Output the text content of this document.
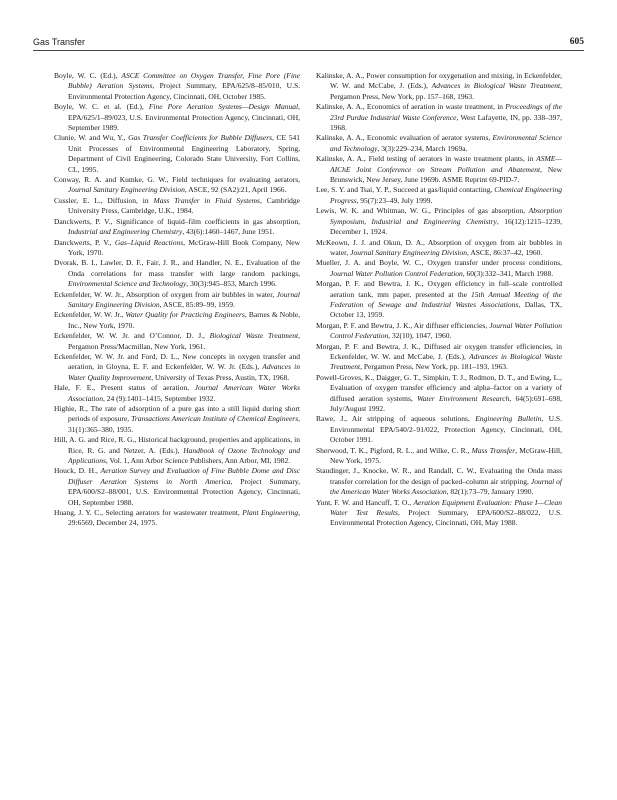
Gas Transfer	605

Boyle, W. C. (Ed.), ASCE Committee on Oxygen Transfer, Fine Pore (Fine Bubble) Aeration Systems, Project Summary, EPA/625/8–85/010, U.S. Environmental Protection Agency, Cincinnati, OH, October 1985.

Boyle, W. C. et al. (Ed.), Fine Pore Aeration Systems—Design Manual, EPA/625/1–89/023, U.S. Environmental Protection Agency, Cincinnati, OH, September 1989.

Clunie, W. and Wu, Y., Gas Transfer Coefficients for Bubble Diffusers, CE 541 Unit Processes of Environmental Engineering Laboratory, Spring, Department of Civil Engineering, Colorado State University, Fort Collins, CL, 1995.

Conway, R. A. and Kumke, G. W., Field techniques for evaluating aerators, Journal Sanitary Engineering Division, ASCE, 92 (SA2):21, April 1966.

Cussler, E. L., Diffusion, in Mass Transfer in Fluid Systems, Cambridge University Press, Cambridge, U.K., 1984.

Danckwerts, P. V., Significance of liquid–film coefficients in gas absorption, Industrial and Engineering Chemistry, 43(6):1460–1467, June 1951.

Danckwerts, P. V., Gas–Liquid Reactions, McGraw-Hill Book Company, New York, 1970.

Dvorak, B. I., Lawler, D. F., Fair, J. R., and Handler, N. E., Evaluation of the Onda correlations for mass transfer with large random packings, Environmental Science and Technology, 30(3):945–853, March 1996.

Eckenfelder, W. W. Jr., Absorption of oxygen from air bubbles in water, Journal Sanitary Engineering Division, ASCE, 85:89–99, 1959.

Eckenfelder, W. W. Jr., Water Quality for Practicing Engineers, Barnes & Noble, Inc., New York, 1970.

Eckenfelder, W. W. Jr. and O’Connor, D. J., Biological Waste Treatment, Pergamon Press/Macmillan, New York, 1961.

Eckenfelder, W. W. Jr. and Ford, D. L., New concepts in oxygen transfer and aeration, in Gloyna, E. F. and Eckenfelder, W. W. Jr. (Eds.), Advances in Water Quality Improvement, University of Texas Press, Austin, TX, 1968.

Hale, F. E., Present status of aeration, Journal American Water Works Association, 24 (9):1401–1415, September 1932.

Highie, R., The rate of adsorption of a pure gas into a still liquid during short periods of exposure, Transactions American Institute of Chemical Engineers, 31(1):365–380, 1935.

Hill, A. G. and Rice, R. G., Historical background, properties and applications, in Rice, R. G. and Netzer, A. (Eds.), Handbook of Ozone Technology and Applications, Vol. 1, Ann Arbor Science Publishers, Ann Arbor, MI, 1982.

Houck, D. H., Aeration Survey and Evaluation of Fine Bubble Dome and Disc Diffuser Aeration Systems in North America, Project Summary, EPA/600/S2–88/001, U.S. Environmental Protection Agency, Cincinnati, OH, September 1988.

Huang, J. Y. C., Selecting aerators for wastewater treatment, Plant Engineering, 29:6569, December 24, 1975.

Kalinske, A. A., Power consumption for oxygenation and mixing, in Eckenfelder, W. W. and McCabe, J. (Eds.), Advances in Biological Waste Treatment, Pergamon Press, New York, pp. 157–168, 1963.

Kalinske, A. A., Economics of aeration in waste treatment, in Proceedings of the 23rd Purdue Industrial Waste Conference, West Lafayette, IN, pp. 338–397, 1968.

Kalinske, A. A., Economic evaluation of aerator systems, Environmental Science and Technology, 3(3):229–234, March 1969a.

Kalinske, A. A., Field testing of aerators in waste treatment plants, in ASME—AIChE Joint Conference on Stream Pollution and Abatement, New Brunswick, New Jersey, June 1969b. ASME Reprint 69-PID-7.

Lee, S. Y. and Tsai, Y. P., Succeed at gas/liquid contacting, Chemical Engineering Progress, 95(7):23–49, July 1999.

Lewis, W. K. and Whitman, W. G., Principles of gas absorption, Absorption Symposium, Industrial and Engineering Chemistry, 16(12):1215–1239, December 1, 1924.

McKeown, J. J. and Okun, D. A., Absorption of oxygen from air bubbles in water, Journal Sanitary Engineering Division, ASCE, 86:37–42, 1960.

Mueller, J. A. and Boyle, W. C., Oxygen transfer under process conditions, Journal Water Pollution Control Federation, 60(3):332–341, March 1988.

Morgan, P. F. and Bewtra, J. K., Oxygen efficiency in full–scale controlled aeration tank, mm paper, presented at the 15th Annual Meeting of the Federation of Sewage and Industrial Wastes Associations, Dallas, TX, October 13, 1959.

Morgan, P. F. and Bewtra, J. K., Air diffuser efficiencies, Journal Water Pollution Control Federation, 32(10), 1047, 1960.

Morgan, P. F. and Bewtra, J. K., Diffused air oxygen transfer efficiencies, in Eckenfelder, W. W. and McCabe, J. (Eds.), Advances in Biological Waste Treatment, Pergamon Press, New York, pp. 181–193, 1963.

Powell-Groves, K., Daigger, G. T., Simpkin, T. J., Redmon, D. T., and Ewing, L., Evaluation of oxygen transfer efficiency and alpha–factor on a variety of diffused aeration systems, Water Environment Research, 64(5):691–698, July/August 1992.

Rawe, J., Air stripping of aqueous solutions, Engineering Bulletin, U.S. Environmental EPA/540/2–91/022, Protection Agency, Cincinnati, OH, October 1991.

Sherwood, T. K., Pigford, R. L., and Wilke, C. R., Mass Transfer, McGraw-Hill, New York, 1975.

Staudinger, J., Knocke, W. R., and Randall, C. W., Evaluating the Onda mass transfer correlation for the design of packed–column air stripping, Journal of the American Water Works Association, 82(1):73–79, January 1990.

Yunt, F. W. and Hancuff, T. O., Aeration Equipment Evaluation: Phase I—Clean Water Test Results, Project Summary, EPA/600/S2–88/022, U.S. Environmental Protection Agency, Cincinnati, OH, May 1988.
